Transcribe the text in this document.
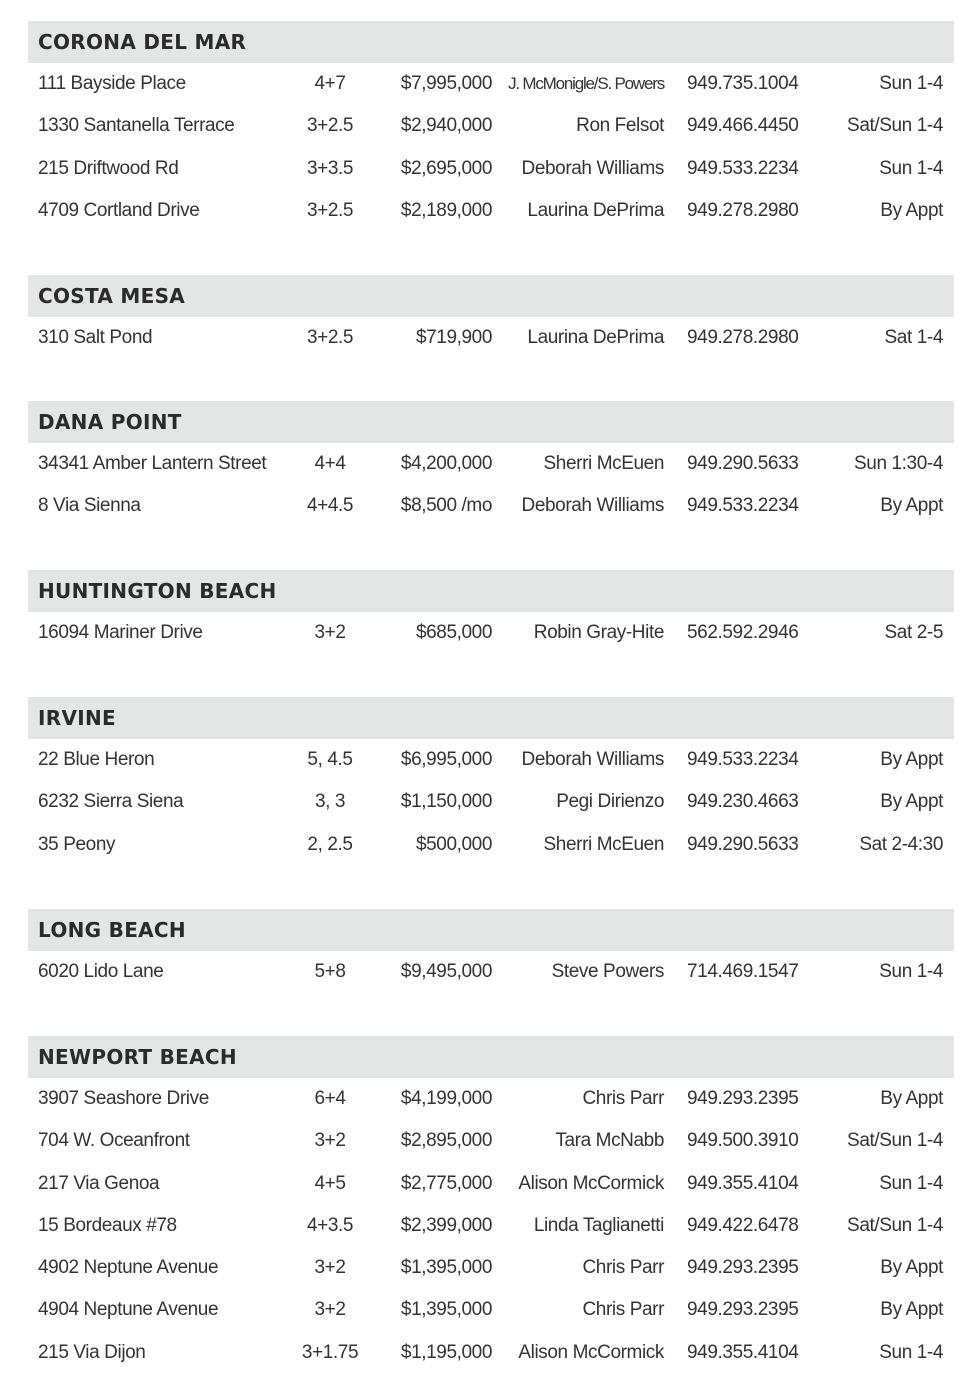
CORONA DEL MAR
111 Bayside Place	4+7	$7,995,000 J. McMonigle/S. Powers 949.735.1004	Sun 1-4
1330 Santanella Terrace	3+2.5	$2,940,000	Ron Felsot 949.466.4450	Sat/Sun 1-4
215 Driftwood Rd	3+3.5	$2,695,000 Deborah Williams 949.533.2234	Sun 1-4
4709 Cortland Drive	3+2.5	$2,189,000 Laurina DePrima 949.278.2980	By Appt
COSTA MESA
310 Salt Pond	3+2.5	$719,900 Laurina DePrima 949.278.2980	Sat 1-4
DANA POINT
34341 Amber Lantern Street	4+4	$4,200,000	Sherri McEuen 949.290.5633	Sun 1:30-4
8 Via Sienna	4+4.5	$8,500 /mo Deborah Williams 949.533.2234	By Appt
HUNTINGTON BEACH
16094 Mariner Drive	3+2	$685,000 Robin Gray-Hite 562.592.2946	Sat 2-5
IRVINE
22 Blue Heron	5, 4.5	$6,995,000 Deborah Williams 949.533.2234	By Appt
6232 Sierra Siena	3, 3	$1,150,000	Pegi Dirienzo 949.230.4663	By Appt
35 Peony	2, 2.5	$500,000	Sherri McEuen 949.290.5633	Sat 2-4:30
LONG BEACH
6020 Lido Lane	5+8	$9,495,000	Steve Powers 714.469.1547	Sun 1-4
NEWPORT BEACH
3907 Seashore Drive	6+4	$4,199,000	Chris Parr 949.293.2395	By Appt
704 W. Oceanfront	3+2	$2,895,000	Tara McNabb 949.500.3910	Sat/Sun 1-4
217 Via Genoa	4+5	$2,775,000 Alison McCormick 949.355.4104	Sun 1-4
15 Bordeaux #78	4+3.5	$2,399,000 Linda Taglianetti 949.422.6478	Sat/Sun 1-4
4902 Neptune Avenue	3+2	$1,395,000	Chris Parr 949.293.2395	By Appt
4904 Neptune Avenue	3+2	$1,395,000	Chris Parr 949.293.2395	By Appt
215 Via Dijon	3+1.75	$1,195,000 Alison McCormick 949.355.4104	Sun 1-4
